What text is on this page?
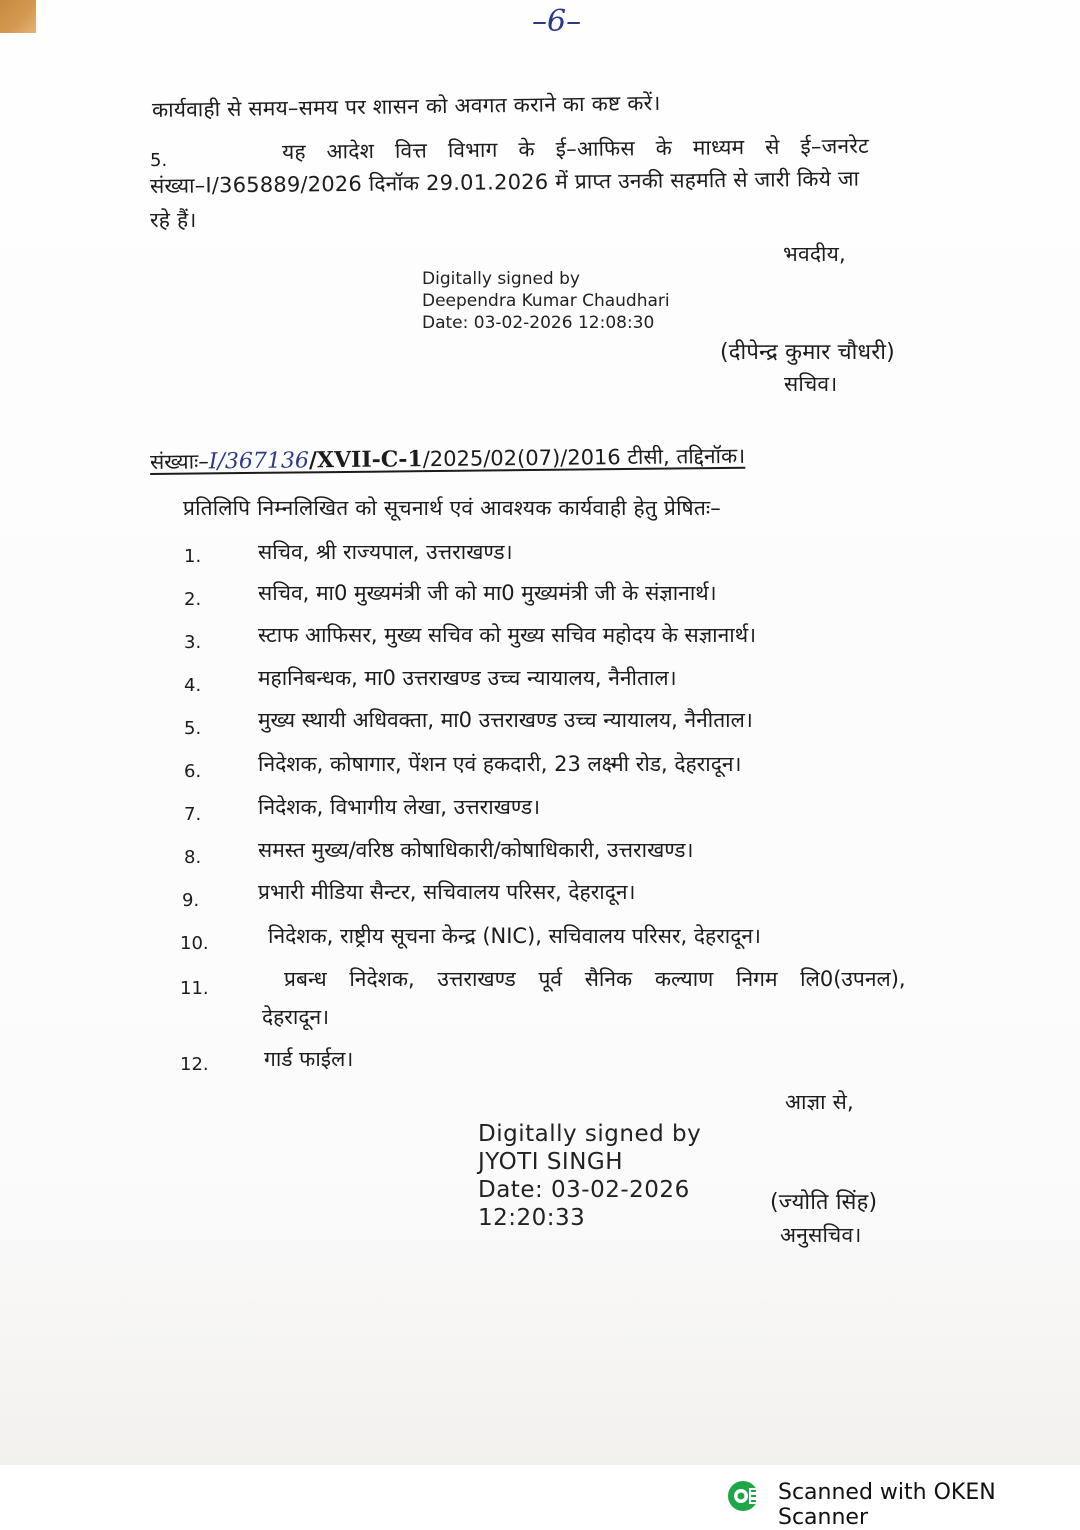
–6–
कार्यवाही से समय–समय पर शासन को अवगत कराने का कष्ट करें।
5.	यह आदेश वित्त विभाग के ई–आफिस के माध्यम से ई–जनरेट
संख्या–I/365889/2026 दिनॉक 29.01.2026 में प्राप्त उनकी सहमति से जारी किये जा
रहे हैं।
भवदीय,
Digitally signed by
Deependra Kumar Chaudhari
Date: 03-02-2026 12:08:30
(दीपेन्द्र कुमार चौधरी)
सचिव।
संख्याः–I/367136/XVII-C-1/2025/02(07)/2016 टीसी, तद्दिनॉक।
प्रतिलिपि निम्नलिखित को सूचनार्थ एवं आवश्यक कार्यवाही हेतु प्रेषितः–
1.	सचिव, श्री राज्यपाल, उत्तराखण्ड।
2.	सचिव, मा0 मुख्यमंत्री जी को मा0 मुख्यमंत्री जी के संज्ञानार्थ।
3.	स्टाफ आफिसर, मुख्य सचिव को मुख्य सचिव महोदय के सज्ञानार्थ।
4.	महानिबन्धक, मा0 उत्तराखण्ड उच्च न्यायालय, नैनीताल।
5.	मुख्य स्थायी अधिवक्ता, मा0 उत्तराखण्ड उच्च न्यायालय, नैनीताल।
6.	निदेशक, कोषागार, पेंशन एवं हकदारी, 23 लक्ष्मी रोड, देहरादून।
7.	निदेशक, विभागीय लेखा, उत्तराखण्ड।
8.	समस्त मुख्य/वरिष्ठ कोषाधिकारी/कोषाधिकारी, उत्तराखण्ड।
9.	प्रभारी मीडिया सैन्टर, सचिवालय परिसर, देहरादून।
10.	निदेशक, राष्ट्रीय सूचना केन्द्र (NIC), सचिवालय परिसर, देहरादून।
11.	प्रबन्ध निदेशक, उत्तराखण्ड पूर्व सैनिक कल्याण निगम लि0(उपनल),
देहरादून।
12.	गार्ड फाईल।
आज्ञा से,
Digitally signed by
JYOTI SINGH
Date: 03-02-2026
12:20:33
(ज्योति सिंह)
अनुसचिव।
Scanned with OKEN Scanner
